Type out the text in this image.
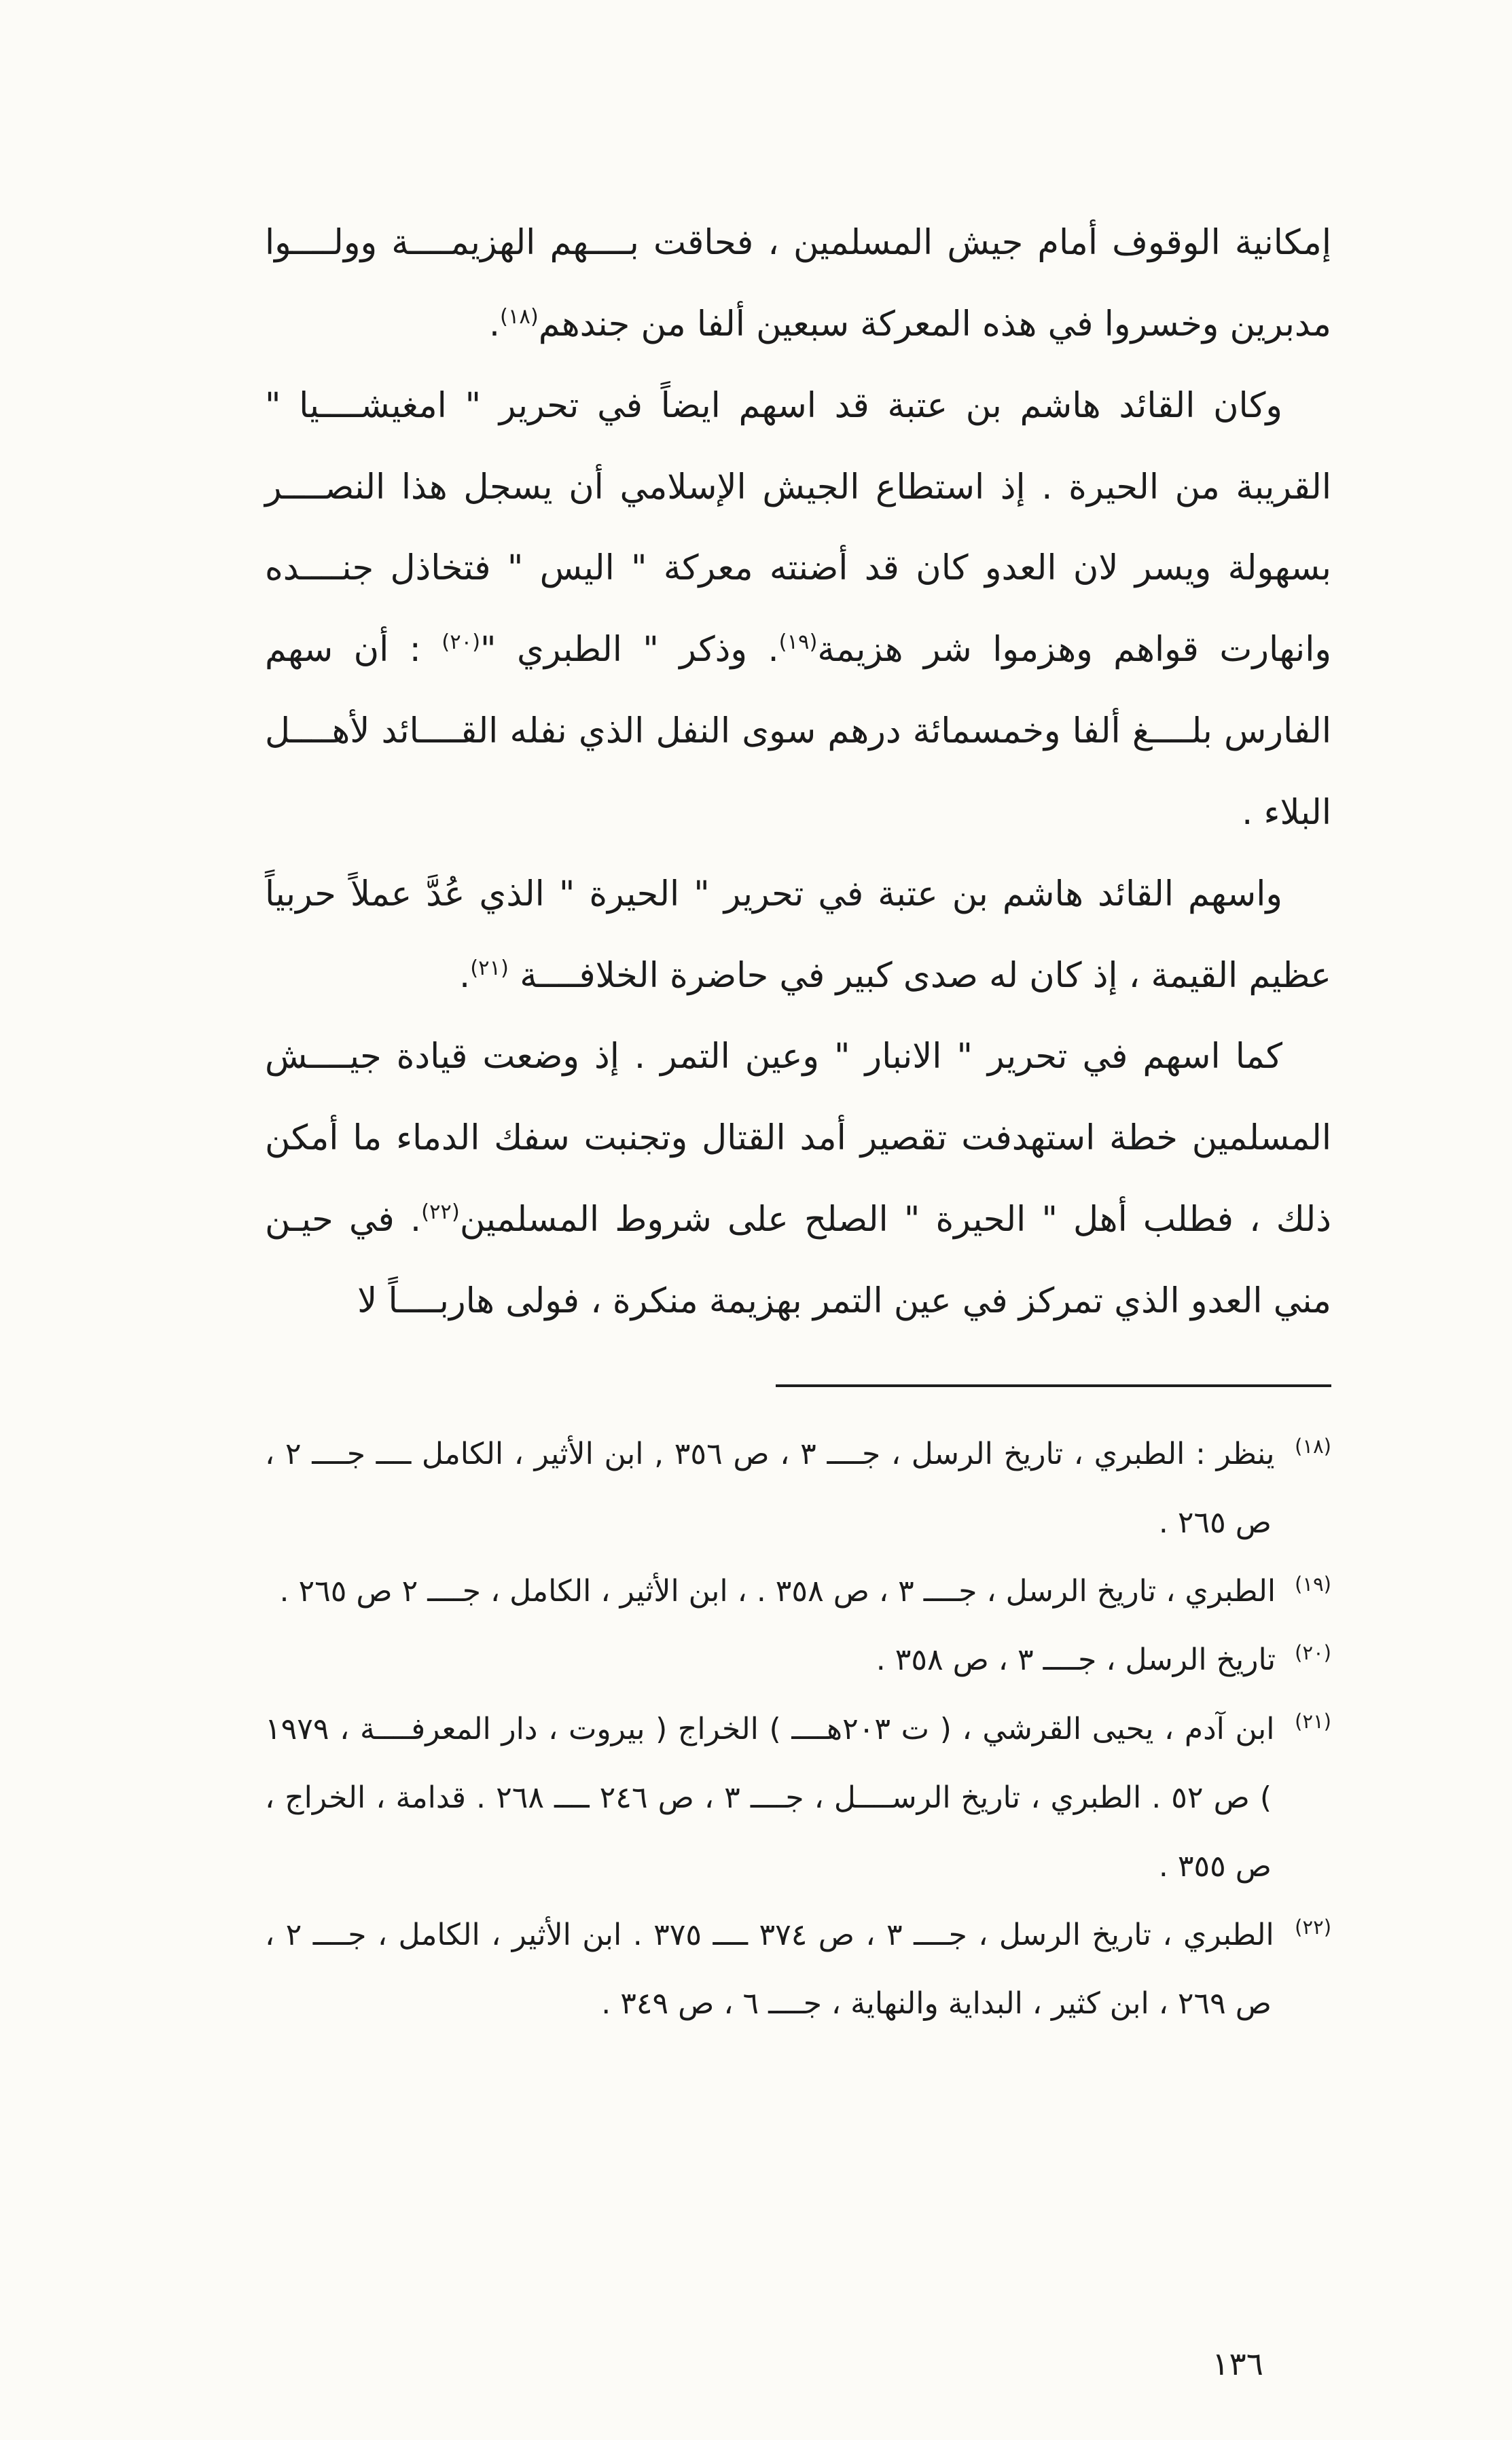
إمكانية الوقوف أمام جيش المسلمين ، فحاقت بــــهم الهزيمــــة وولــــوا مدبرين وخسروا في هذه المعركة سبعين ألفا من جندهم$^{(١٨)}$.

وكان القائد هاشم بن عتبة قد اسهم ايضاً في تحرير " امغيشــــيا " القريبة من الحيرة . إذ استطاع الجيش الإسلامي أن يسجل هذا النصــــر بسهولة ويسر لان العدو كان قد أضنته معركة " اليس " فتخاذل جنــــده وانهارت قواهم وهزموا شر هزيمة$^{(١٩)}$. وذكر " الطبري "$^{(٢٠)}$ : أن سهم الفارس بلــــغ ألفا وخمسمائة درهم سوى النفل الذي نفله القــــائد لأهــــل البلاء .

واسهم القائد هاشم بن عتبة في تحرير " الحيرة " الذي عُدَّ عملاً حربياً عظيم القيمة ، إذ كان له صدى كبير في حاضرة الخلافــــة $^{(٢١)}$.

كما اسهم في تحرير " الانبار " وعين التمر . إذ وضعت قيادة جيــــش المسلمين خطة استهدفت تقصير أمد القتال وتجنبت سفك الدماء ما أمكن ذلك ، فطلب أهل " الحيرة " الصلح على شروط المسلمين$^{(٢٢)}$. في حيـن مني العدو الذي تمركز في عين التمر بهزيمة منكرة ، فولى هاربــــاً لا

$^{(١٨)}$ ينظر : الطبري ، تاريخ الرسل ، جــــ ٣ ، ص ٣٥٦ , ابن الأثير ، الكامل ــــ جــــ ٢ ، ص ٢٦٥ .

$^{(١٩)}$ الطبري ، تاريخ الرسل ، جــــ ٣ ، ص ٣٥٨ . ، ابن الأثير ، الكامل ، جــــ ٢ ص ٢٦٥ .

$^{(٢٠)}$ تاريخ الرسل ، جــــ ٣ ، ص ٣٥٨ .

$^{(٢١)}$ ابن آدم ، يحيى القرشي ، ( ت ٢٠٣هــــ ) الخراج ( بيروت ، دار المعرفــــة ، ١٩٧٩ ) ص ٥٢ . الطبري ، تاريخ الرســــل ، جــــ ٣ ، ص ٢٤٦ ــــ ٢٦٨ . قدامة ، الخراج ، ص ٣٥٥ .

$^{(٢٢)}$ الطبري ، تاريخ الرسل ، جــــ ٣ ، ص ٣٧٤ ــــ ٣٧٥ . ابن الأثير ، الكامل ، جــــ ٢ ، ص ٢٦٩ ، ابن كثير ، البداية والنهاية ، جــــ ٦ ، ص ٣٤٩ .

١٣٦
